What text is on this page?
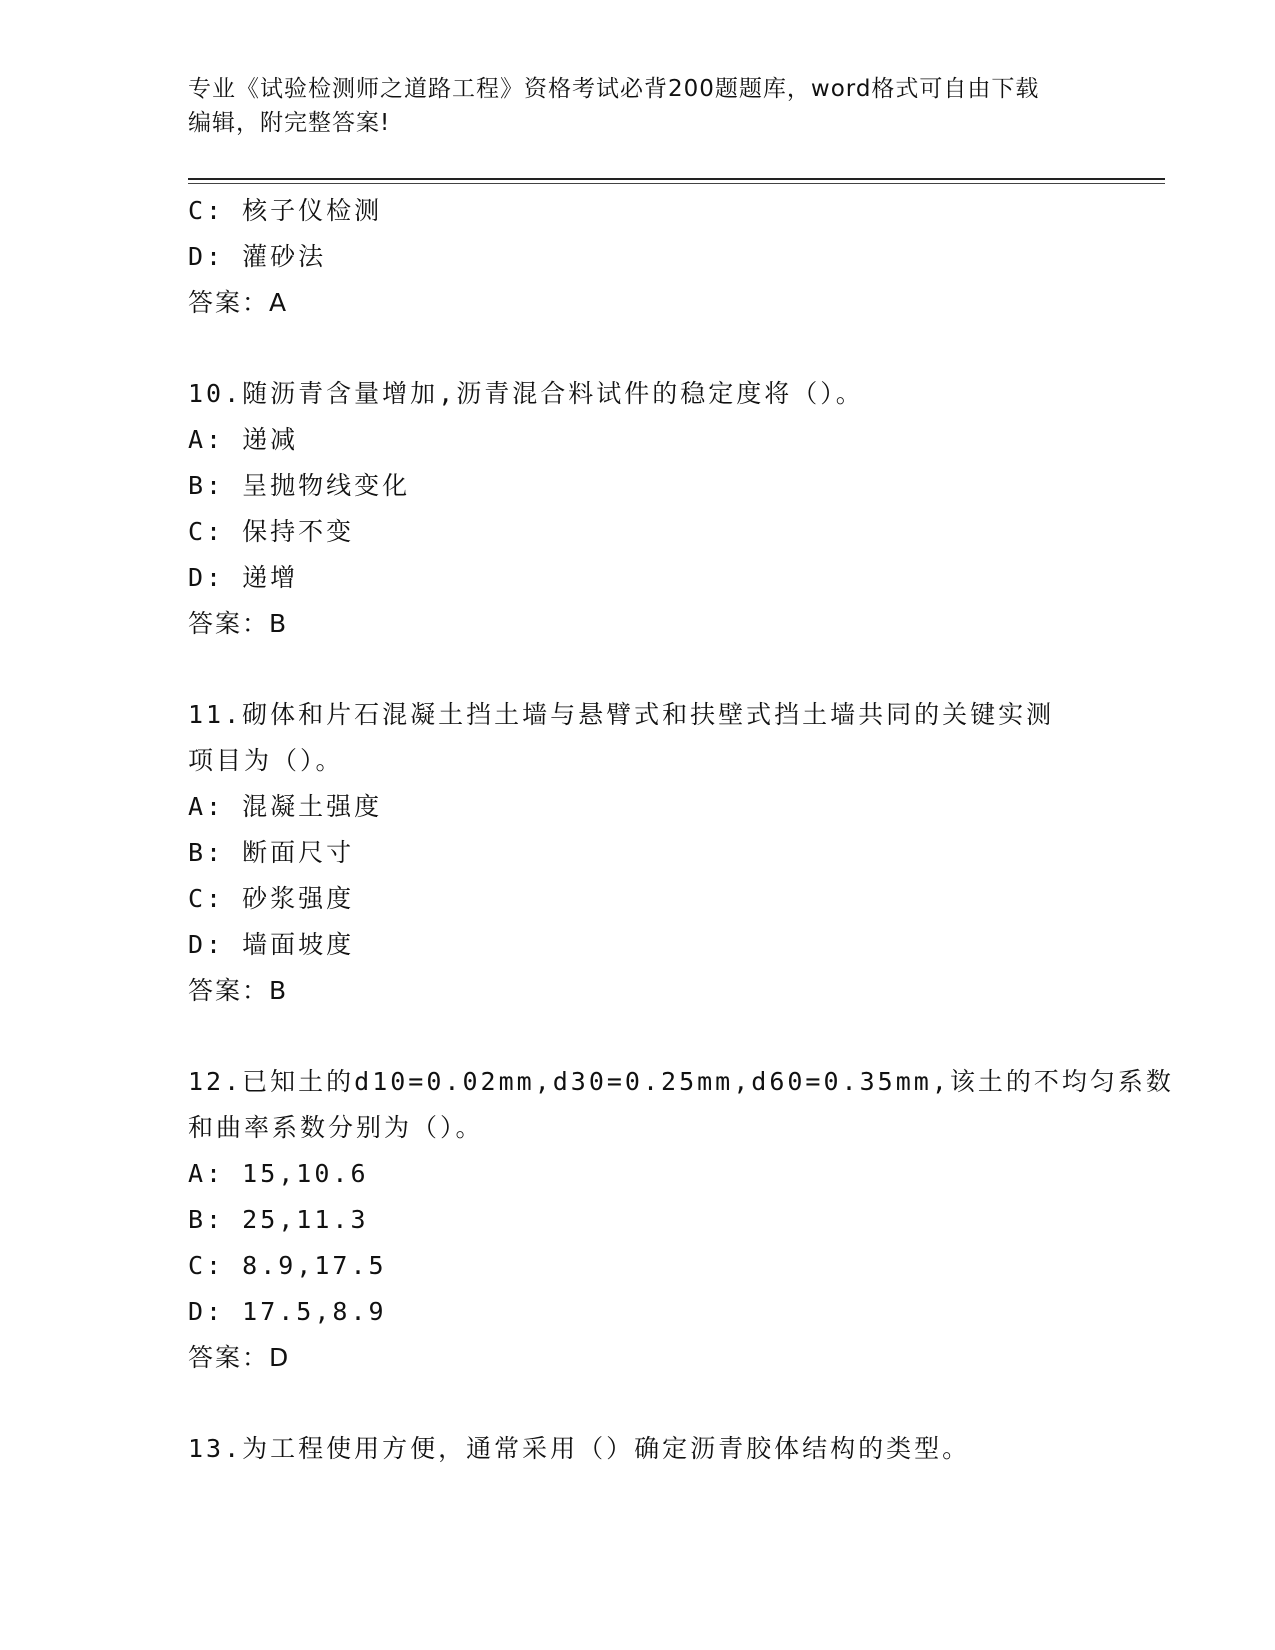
专业《试验检测师之道路工程》资格考试必背200题题库，word格式可自由下载
编辑，附完整答案!
C: 核子仪检测
D: 灌砂法
答案：A
10.随沥青含量增加,沥青混合料试件的稳定度将（）。
A: 递减
B: 呈抛物线变化
C: 保持不变
D: 递增
答案：B
11.砌体和片石混凝土挡土墙与悬臂式和扶壁式挡土墙共同的关键实测
项目为（）。
A: 混凝土强度
B: 断面尺寸
C: 砂浆强度
D: 墙面坡度
答案：B
12.已知土的d10=0.02mm,d30=0.25mm,d60=0.35mm,该土的不均匀系数
和曲率系数分别为（）。
A: 15,10.6
B: 25,11.3
C: 8.9,17.5
D: 17.5,8.9
答案：D
13.为工程使用方便，通常采用（）确定沥青胶体结构的类型。
